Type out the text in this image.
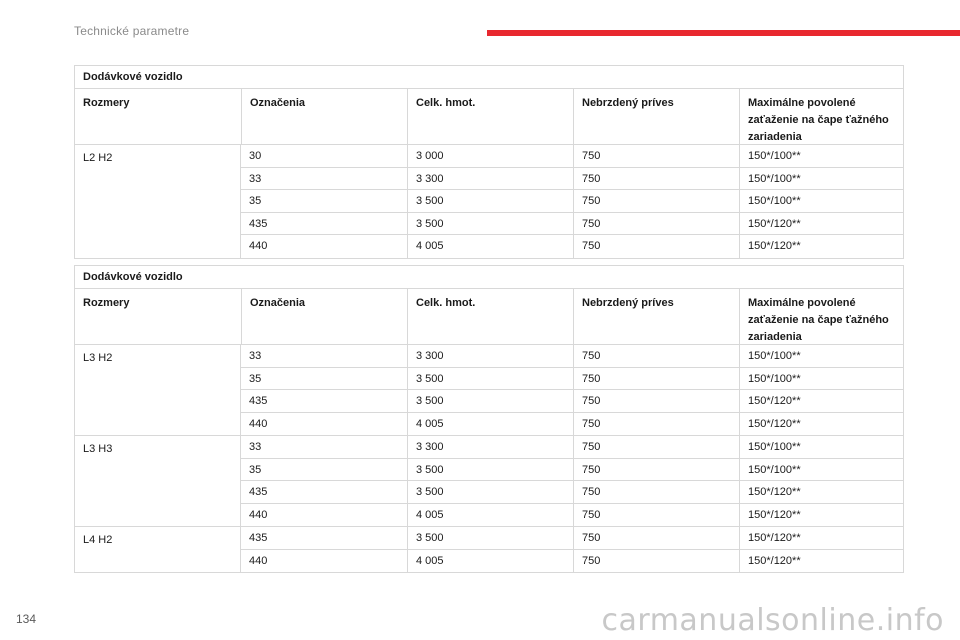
Technické parametre
Dodávkové vozidlo
Rozmery	Označenia	Celk. hmot.	Nebrzdený príves	Maximálne povolené zaťaženie na čape ťažného zariadenia
L2 H2	30	3 000	750	150*/100**
33	3 300	750	150*/100**
35	3 500	750	150*/100**
435	3 500	750	150*/120**
440	4 005	750	150*/120**
Dodávkové vozidlo
Rozmery	Označenia	Celk. hmot.	Nebrzdený príves	Maximálne povolené zaťaženie na čape ťažného zariadenia
L3 H2	33	3 300	750	150*/100**
35	3 500	750	150*/100**
435	3 500	750	150*/120**
440	4 005	750	150*/120**
L3 H3	33	3 300	750	150*/100**
35	3 500	750	150*/100**
435	3 500	750	150*/120**
440	4 005	750	150*/120**
L4 H2	435	3 500	750	150*/120**
440	4 005	750	150*/120**
134	carmanualsonline.info
